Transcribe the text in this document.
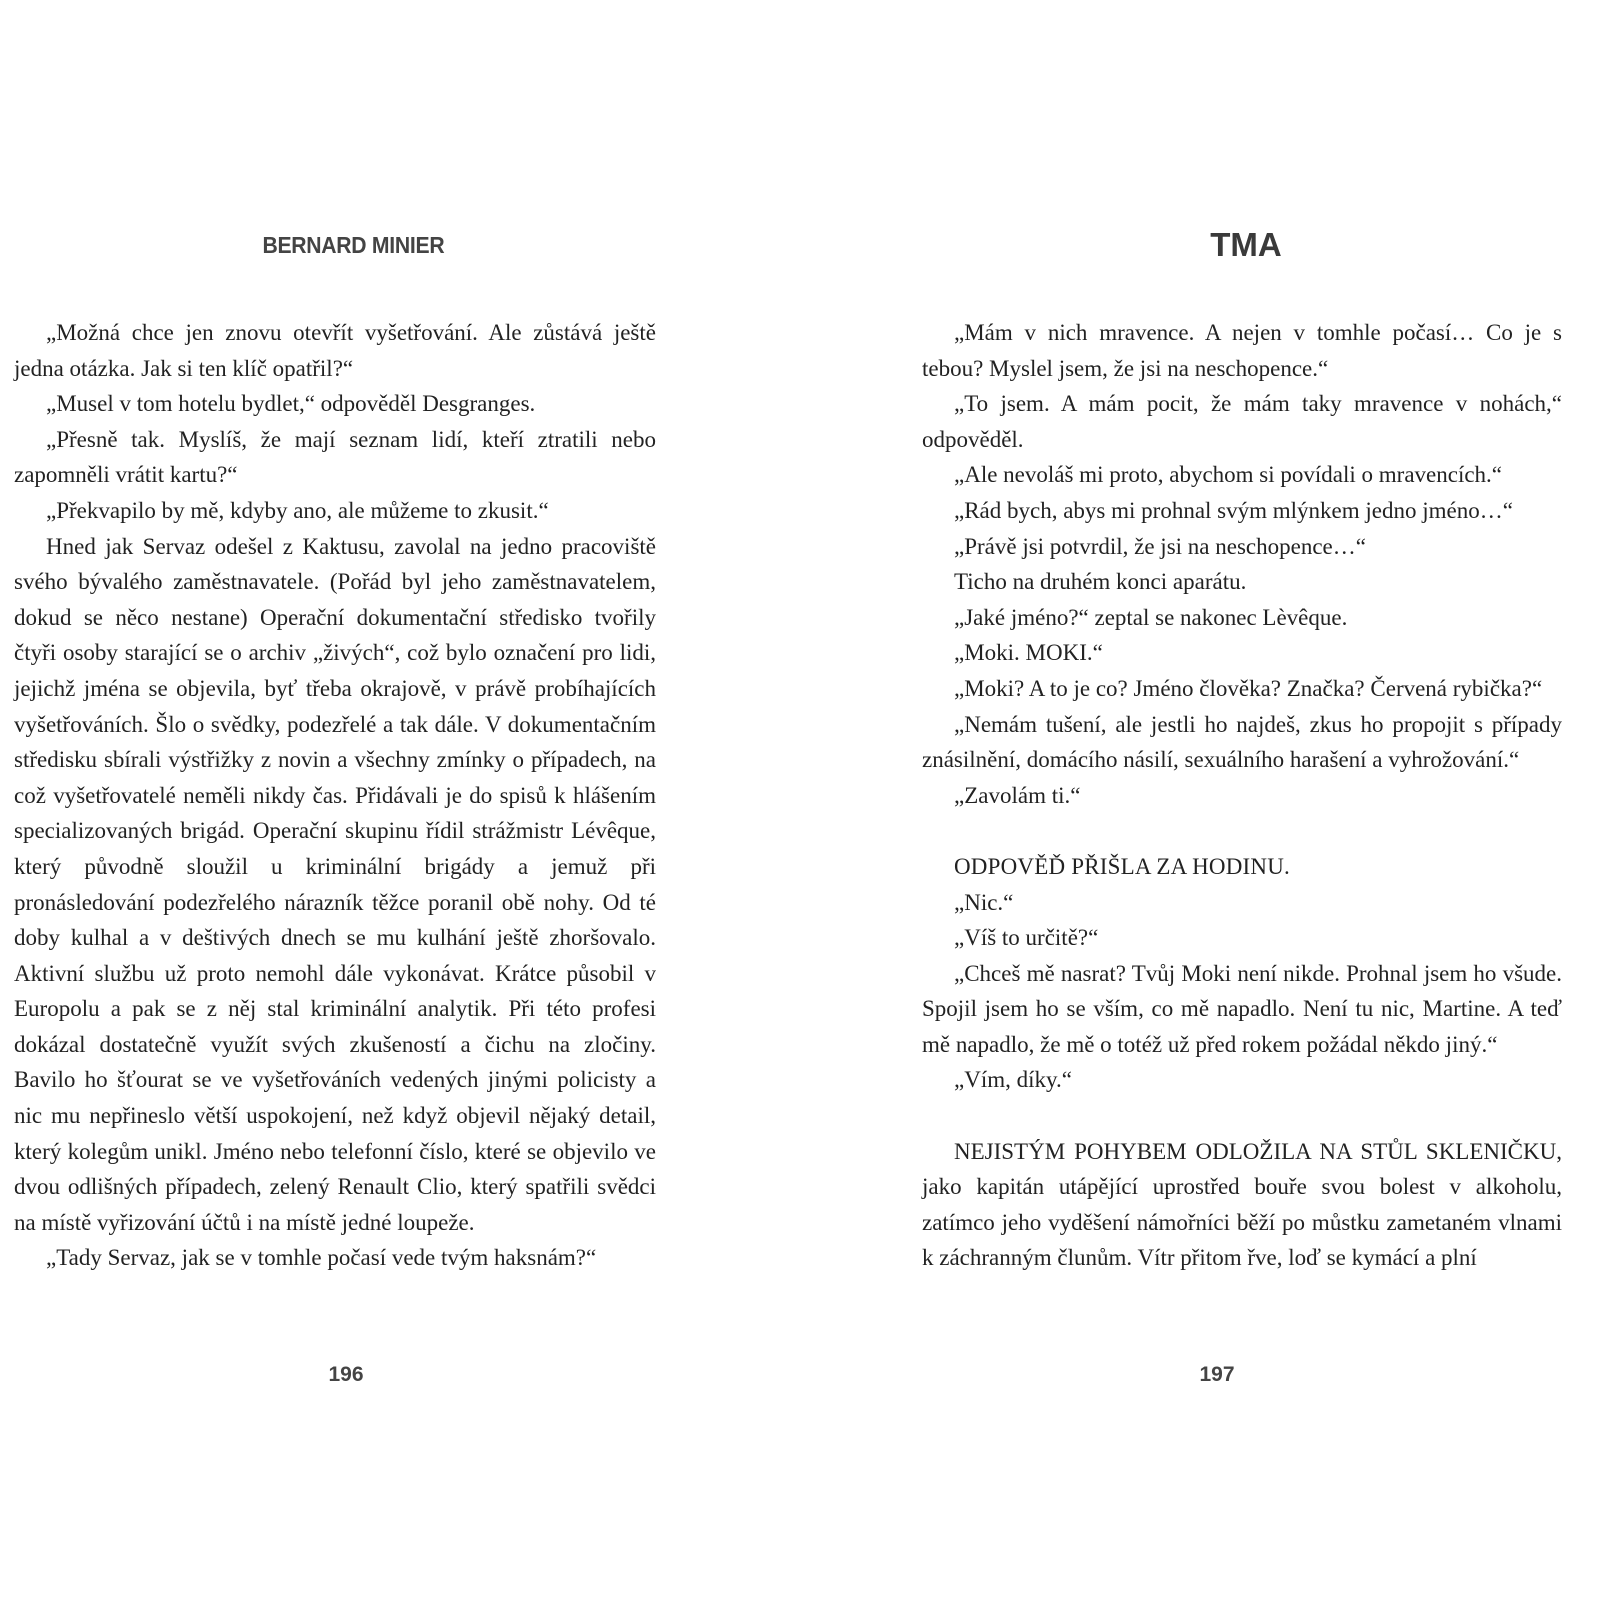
BERNARD MINIER

„Možná chce jen znovu otevřít vyšetřování. Ale zůstává ještě jedna otázka. Jak si ten klíč opatřil?“

„Musel v tom hotelu bydlet,“ odpověděl Desgranges.

„Přesně tak. Myslíš, že mají seznam lidí, kteří ztratili nebo zapomněli vrátit kartu?“

„Překvapilo by mě, kdyby ano, ale můžeme to zkusit.“

Hned jak Servaz odešel z Kaktusu, zavolal na jedno pracoviště svého bývalého zaměstnavatele. (Pořád byl jeho zaměstnavatelem, dokud se něco nestane) Operační dokumentační středisko tvořily čtyři osoby starající se o archiv „živých“, což bylo označení pro lidi, jejichž jména se objevila, byť třeba okrajově, v právě probíhajících vyšetřováních. Šlo o svědky, podezřelé a tak dále. V dokumentačním středisku sbírali výstřižky z novin a všechny zmínky o případech, na což vyšetřovatelé neměli nikdy čas. Přidávali je do spisů k hlášením specializovaných brigád. Operační skupinu řídil strážmistr Lévêque, který původně sloužil u kriminální brigády a jemuž při pronásledování podezřelého nárazník těžce poranil obě nohy. Od té doby kulhal a v deštivých dnech se mu kulhání ještě zhoršovalo. Aktivní službu už proto nemohl dále vykonávat. Krátce působil v Europolu a pak se z něj stal kriminální analytik. Při této profesi dokázal dostatečně využít svých zkušeností a čichu na zločiny. Bavilo ho šťourat se ve vyšetřováních vedených jinými policisty a nic mu nepřineslo větší uspokojení, než když objevil nějaký detail, který kolegům unikl. Jméno nebo telefonní číslo, které se objevilo ve dvou odlišných případech, zelený Renault Clio, který spatřili svědci na místě vyřizování účtů i na místě jedné loupeže.

„Tady Servaz, jak se v tomhle počasí vede tvým haksnám?“

196
TMA

„Mám v nich mravence. A nejen v tomhle počasí… Co je s tebou? Myslel jsem, že jsi na neschopence.“

„To jsem. A mám pocit, že mám taky mravence v nohách,“ odpověděl.

„Ale nevoláš mi proto, abychom si povídali o mravencích.“

„Rád bych, abys mi prohnal svým mlýnkem jedno jméno…“

„Právě jsi potvrdil, že jsi na neschopence…“

Ticho na druhém konci aparátu.

„Jaké jméno?“ zeptal se nakonec Lèvêque.

„Moki. MOKI.“

„Moki? A to je co? Jméno člověka? Značka? Červená rybička?“

„Nemám tušení, ale jestli ho najdeš, zkus ho propojit s případy znásilnění, domácího násilí, sexuálního harašení a vyhrožování.“

„Zavolám ti.“

ODPOVĚĎ PŘIŠLA ZA HODINU.

„Nic.“

„Víš to určitě?“

„Chceš mě nasrat? Tvůj Moki není nikde. Prohnal jsem ho všude. Spojil jsem ho se vším, co mě napadlo. Není tu nic, Martine. A teď mě napadlo, že mě o totéž už před rokem požádal někdo jiný.“

„Vím, díky.“

NEJISTÝM POHYBEM ODLOŽILA NA STŮL SKLENIČKU, jako kapitán utápějící uprostřed bouře svou bolest v alkoholu, zatímco jeho vyděšení námořníci běží po můstku zametaném vlnami k záchranným člunům. Vítr přitom řve, loď se kymácí a plní

197
